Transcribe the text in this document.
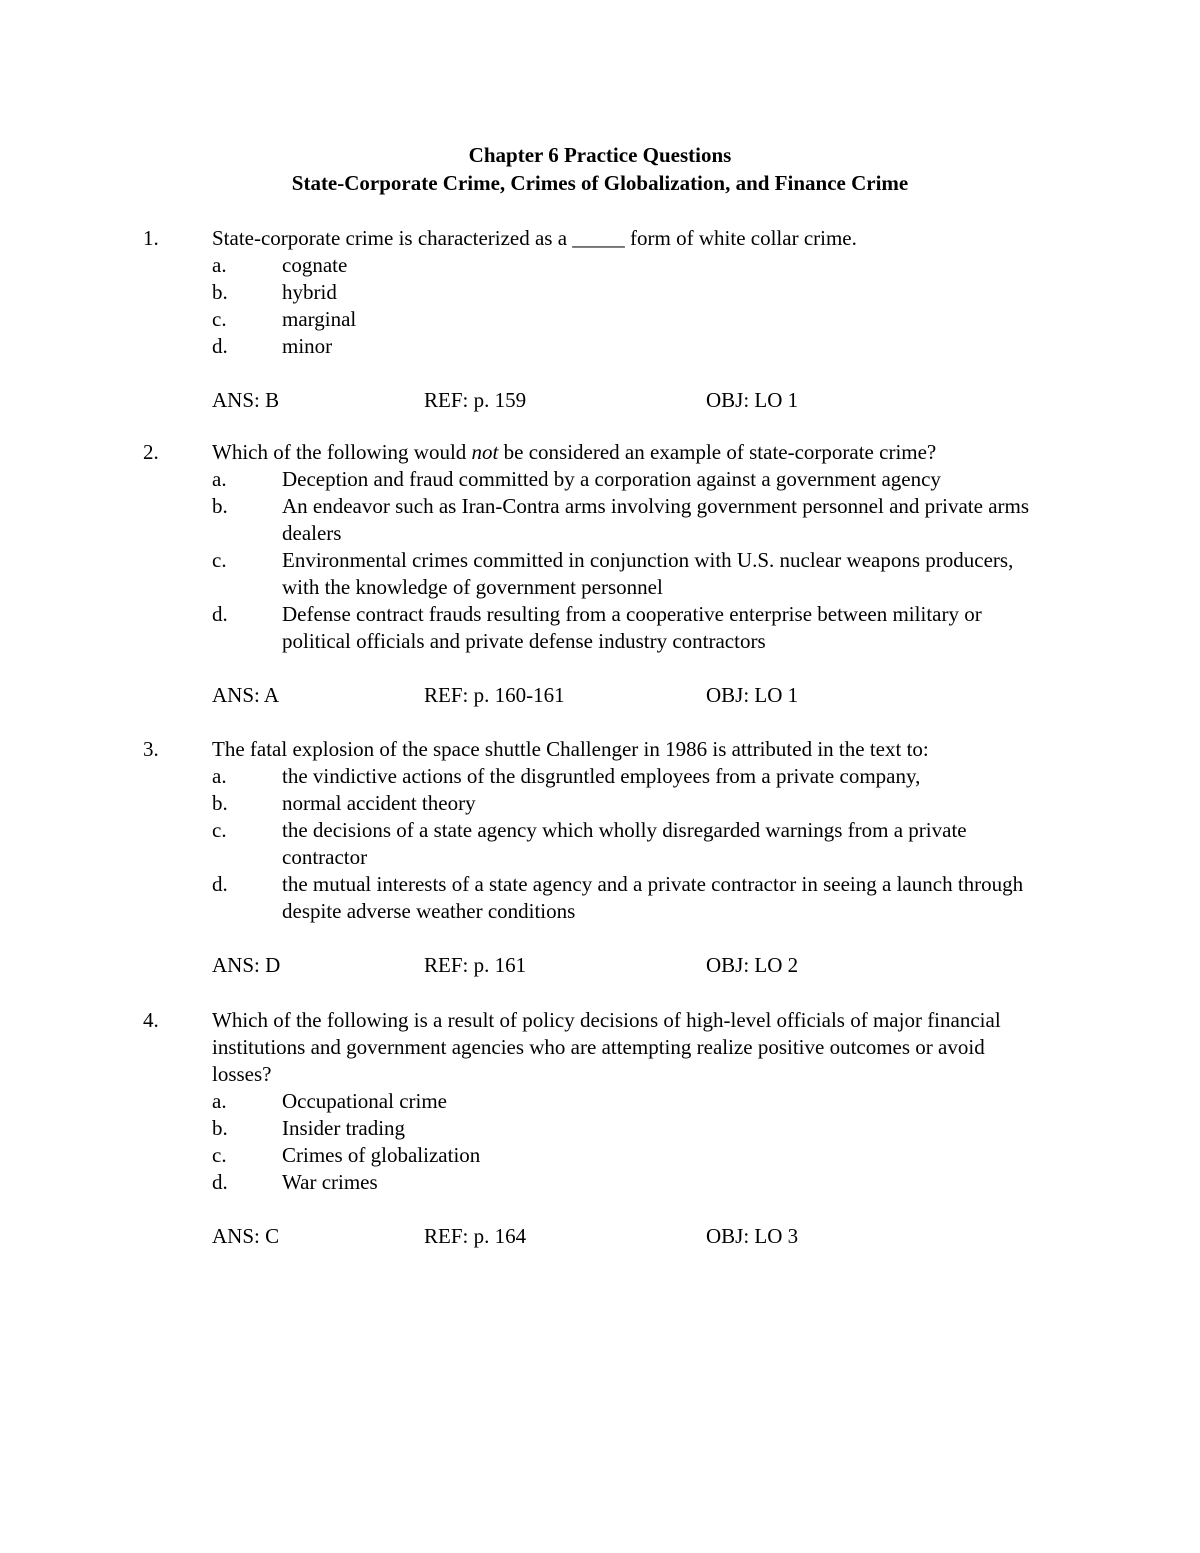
Chapter 6 Practice Questions
State-Corporate Crime, Crimes of Globalization, and Finance Crime
1.	State-corporate crime is characterized as a _____ form of white collar crime.
a.	cognate
b.	hybrid
c.	marginal
d.	minor
ANS: B	REF: p. 159	OBJ: LO 1
2.	Which of the following would not be considered an example of state-corporate crime?
a.	Deception and fraud committed by a corporation against a government agency
b.	An endeavor such as Iran-Contra arms involving government personnel and private arms dealers
c.	Environmental crimes committed in conjunction with U.S. nuclear weapons producers, with the knowledge of government personnel
d.	Defense contract frauds resulting from a cooperative enterprise between military or political officials and private defense industry contractors
ANS: A	REF: p. 160-161	OBJ: LO 1
3.	The fatal explosion of the space shuttle Challenger in 1986 is attributed in the text to:
a.	the vindictive actions of the disgruntled employees from a private company,
b.	normal accident theory
c.	the decisions of a state agency which wholly disregarded warnings from a private contractor
d.	the mutual interests of a state agency and a private contractor in seeing a launch through despite adverse weather conditions
ANS: D	REF: p. 161	OBJ: LO 2
4.	Which of the following is a result of policy decisions of high-level officials of major financial institutions and government agencies who are attempting realize positive outcomes or avoid losses?
a.	Occupational crime
b.	Insider trading
c.	Crimes of globalization
d.	War crimes
ANS: C	REF: p. 164	OBJ: LO 3
